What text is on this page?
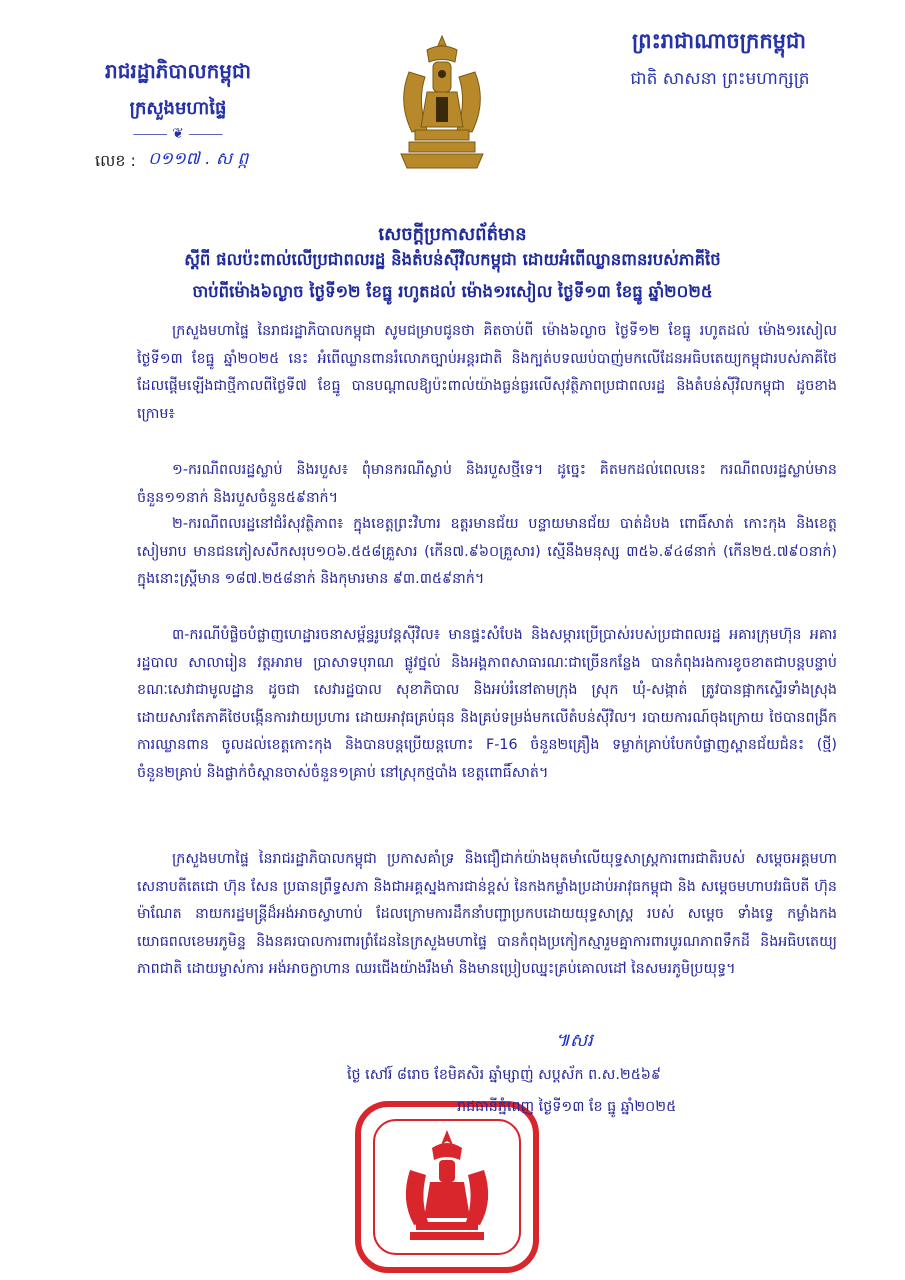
រាជរដ្ឋាភិបាលកម្ពុជា
ក្រសួងមហាផ្ទៃ
⸻ ❦ ⸻
លេខ : ០១១៧ . ស ព្ក
ព្រះរាជាណាចក្រកម្ពុជា
ជាតិ សាសនា ព្រះមហាក្សត្រ
សេចក្តីប្រកាសព័ត៌មាន
ស្តីពី ផលប៉ះពាល់លើប្រជាពលរដ្ឋ និងតំបន់ស៊ីវិលកម្ពុជា ដោយអំពើឈ្លានពានរបស់ភាគីថៃ
ចាប់ពីម៉ោង៦ល្ងាច ថ្ងៃទី១២ ខែធ្នូ រហូតដល់ ម៉ោង១រសៀល ថ្ងៃទី១៣ ខែធ្នូ ឆ្នាំ២០២៥
ក្រសួងមហាផ្ទៃ នៃរាជរដ្ឋាភិបាលកម្ពុជា សូមជម្រាបជូនថា គិតចាប់ពី ម៉ោង៦ល្ងាច ថ្ងៃទី១២ ខែធ្នូ រហូតដល់ ម៉ោង១រសៀល ថ្ងៃទី១៣ ខែធ្នូ ឆ្នាំ២០២៥ នេះ អំពើឈ្លានពានរំលោភច្បាប់អន្តរជាតិ និងក្បត់បទឈប់បាញ់មកលើដែនអធិបតេយ្យកម្ពុជារបស់ភាគីថៃ ដែលផ្តើមឡើងជាថ្មីកាលពីថ្ងៃទី៧ ខែធ្នូ បានបណ្តាលឱ្យប៉ះពាល់យ៉ាងធ្ងន់ធ្ងរលើសុវត្ថិភាពប្រជាពលរដ្ឋ និងតំបន់ស៊ីវិលកម្ពុជា ដូចខាងក្រោម៖
១-ករណីពលរដ្ឋស្លាប់ និងរបួស៖ ពុំមានករណីស្លាប់ និងរបួសថ្មីទេ។ ដូច្នេះ គិតមកដល់ពេលនេះ ករណីពលរដ្ឋស្លាប់មានចំនួន១១នាក់ និងរបួសចំនួន៥៩នាក់។
២-ករណីពលរដ្ឋនៅជំរំសុវត្ថិភាព៖ ក្នុងខេត្តព្រះវិហារ ឧត្តរមានជ័យ បន្ទាយមានជ័យ បាត់ដំបង ពោធិ៍សាត់ កោះកុង និងខេត្តសៀមរាប មានជនភៀសសឹកសរុប១០៦.៥៥៨គ្រួសារ (កើន៧.៩៦០គ្រួសារ) ស្មើនឹងមនុស្ស ៣៥៦.៩៤៨នាក់ (កើន២៥.៧៩០នាក់) ក្នុងនោះស្ត្រីមាន ១៨៧.២៥៨នាក់ និងកុមារមាន ៩៣.៣៥៩នាក់។
៣-ករណីបំផ្លិចបំផ្លាញហេដ្ឋារចនាសម្ព័ន្ធរូបវន្តស៊ីវិល៖ មានផ្ទះសំបែង និងសម្ភារប្រើប្រាស់របស់ប្រជាពលរដ្ឋ អគារក្រុមហ៊ុន អគាររដ្ឋបាល សាលារៀន វត្តអារាម ប្រាសាទបុរាណ ផ្លូវថ្នល់ និងអង្គភាពសាធារណៈជាច្រើនកន្លែង បានកំពុងរងការខូចខាតជាបន្តបន្ទាប់ ខណៈសេវាជាមូលដ្ឋាន ដូចជា សេវារដ្ឋបាល សុខាភិបាល និងអប់រំនៅតាមក្រុង ស្រុក ឃុំ-សង្កាត់ ត្រូវបានផ្អាកស្ទើរទាំងស្រុង ដោយសារតែភាគីថៃបង្កើនការវាយប្រហារ ដោយអាវុធគ្រប់ធុន និងគ្រប់ទម្រង់មកលើតំបន់ស៊ីវិល។ របាយការណ៍ចុងក្រោយ ថៃបានពង្រីកការឈ្លានពាន ចូលដល់ខេត្តកោះកុង និងបានបន្តប្រើយន្តហោះ F-16 ចំនួន២គ្រឿង ទម្លាក់គ្រាប់បែកបំផ្លាញស្ពានជ័យជំនះ (ថ្មី) ចំនួន២គ្រាប់ និងផ្លាក់ចំស្ពានចាស់ចំនួន១គ្រាប់ នៅស្រុកថ្មបាំង ខេត្តពោធិ៍សាត់។
ក្រសួងមហាផ្ទៃ នៃរាជរដ្ឋាភិបាលកម្ពុជា ប្រកាសគាំទ្រ និងជឿជាក់យ៉ាងមុតមាំលើយុទ្ធសាស្ត្រការពារជាតិរបស់ សម្តេចអគ្គមហាសេនាបតីតេជោ ហ៊ុន សែន ប្រធានព្រឹទ្ធសភា និងជាអគ្គស្នងការជាន់ខ្ពស់ នៃកងកម្លាំងប្រដាប់អាវុធកម្ពុជា និង សម្តេចមហាបវរធិបតី ហ៊ុន ម៉ាណែត នាយករដ្ឋមន្ត្រីដ៏អង់អាចស្វាហាប់ ដែលក្រោមការដឹកនាំបញ្ជាប្រកបដោយយុទ្ធសាស្ត្រ របស់ សម្តេច ទាំងទ្វេ កម្លាំងកងយោធពលខេមរភូមិន្ទ និងនគរបាលការពារព្រំដែននៃក្រសួងមហាផ្ទៃ បានកំពុងប្រកៀកស្មារួមគ្នាការពារបូរណភាពទឹកដី និងអធិបតេយ្យភាពជាតិ ដោយម្ចាស់ការ អង់អាចក្លាហាន ឈរជើងយ៉ាងរឹងមាំ និងមានប្រៀបឈ្នះគ្រប់គោលដៅ នៃសមរភូមិប្រយុទ្ធ។
៕សរ
ថ្ងៃ សៅរ៍ ៨រោច ខែមិគសិរ ឆ្នាំម្សាញ់ សប្តស័ក ព.ស.២៥៦៩
រាជធានីភ្នំពេញ ថ្ងៃទី១៣ ខែ ធ្នូ ឆ្នាំ២០២៥
